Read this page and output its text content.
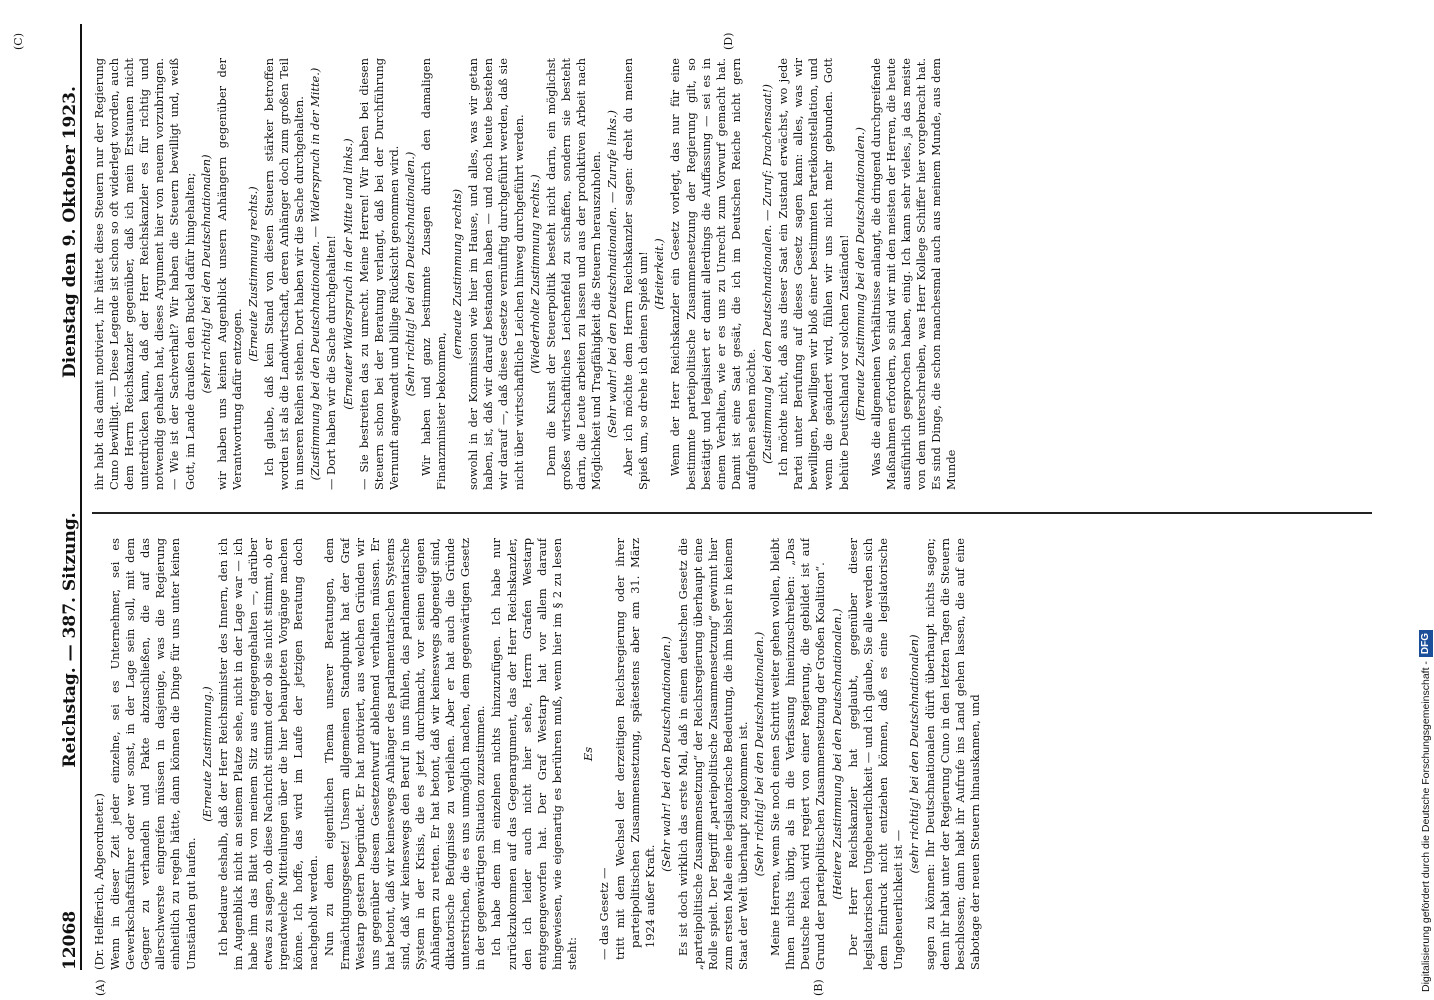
12068
Reichstag. — 387. Sitzung.
Dienstag den 9. Oktober 1923.

(Dr. Helfferich, Abgeordneter.) Wenn in dieser Zeit jeder einzelne, sei es Unternehmer, sei es Gewerkschaftsführer oder wer sonst, in der Lage sein soll, mit dem Gegner zu verhandeln und Pakte abzuschließen, die auf das allerschwerste eingreifen müssen in dasjenige, was die Regierung einheitlich zu regeln hätte, dann können die Dinge für uns unter keinen Umständen gut laufen.

(Erneute Zustimmung.) Ich bedaure deshalb, daß der Herr Reichsminister des Innern, den ich im Augenblick nicht an seinem Platze sehe, nicht in der Lage war — ich habe ihm das Blatt von meinem Sitz aus entgegengehalten —, darüber etwas zu sagen, ob diese Nachricht stimmt oder ob sie nicht stimmt, ob er irgendwelche Mitteilungen über die hier behaupteten Vorgänge machen könne. Ich hoffe, das wird im Laufe der jetzigen Beratung doch nachgeholt werden. Nun zu dem eigentlichen Thema unserer Beratungen, dem Ermächtigungsgesetz! Unsern allgemeinen Standpunkt hat der Graf Westarp gestern begründet. Er hat motiviert, aus welchen Gründen wir uns gegenüber diesem Gesetzentwurf ablehnend verhalten müssen. Er hat betont, daß wir keineswegs Anhänger des parlamentarischen Systems sind, daß wir keineswegs den Beruf in uns fühlen, das parlamentarische System in der Krisis, die es jetzt durchmacht, vor seinen eigenen Anhängern zu retten. Er hat betont, daß wir keineswegs abgeneigt sind, diktatorische Befugnisse zu verleihen. Aber er hat auch die Gründe unterstrichen, die es uns unmöglich machen, dem gegenwärtigen Gesetz in der gegenwärtigen Situation zuzustimmen. Ich habe dem im einzelnen nichts hinzuzufügen. Ich habe nur zurückzukommen auf das Gegenargument, das der Herr Reichskanzler, den ich leider auch nicht hier sehe, Herrn Grafen Westarp entgegengeworfen hat. Der Graf Westarp hat vor allem darauf hingewiesen, wie eigenartig es berühren muß, wenn hier im § 2 zu lesen steht:

Es

— das Gesetz — tritt mit dem Wechsel der derzeitigen Reichsregierung oder ihrer parteipolitischen Zusammensetzung, spätestens aber am 31. März 1924 außer Kraft.

(Sehr wahr! bei den Deutschnationalen.) Es ist doch wirklich das erste Mal, daß in einem deutschen Gesetz die „parteipolitische Zusammensetzung“ der Reichsregierung überhaupt eine Rolle spielt. Der Begriff „parteipolitische Zusammensetzung“ gewinnt hier zum ersten Male eine legislatorische Bedeutung, die ihm bisher in keinem Staat der Welt überhaupt zugekommen ist. (Sehr richtig! bei den Deutschnationalen.) Meine Herren, wenn Sie noch einen Schritt weiter gehen wollen, bleibt Ihnen nichts übrig, als in die Verfassung hineinzuschreiben: „Das Deutsche Reich wird regiert von einer Regierung, die gebildet ist auf Grund der parteipolitischen Zusammensetzung der Großen Koalition“. (Heitere Zustimmung bei den Deutschnationalen.) Der Herr Reichskanzler hat geglaubt, gegenüber dieser legislatorischen Ungeheuerlichkeit — und ich glaube, Sie alle werden sich dem Eindruck nicht entziehen können, daß es eine legislatorische Ungeheuerlichkeit ist —

(sehr richtig! bei den Deutschnationalen) sagen zu können: Ihr Deutschnationalen dürft überhaupt nichts sagen; denn ihr habt unter der Regierung Cuno in den letzten Tagen die Steuern beschlossen; dann habt ihr Aufrufe ins Land gehen lassen, die auf eine Sabotage der neuen Steuern hinauskamen, und

ihr habt das damit motiviert, ihr hättet diese Steuern nur der Regierung Cuno bewilligt. — Diese Legende ist schon so oft widerlegt worden, auch dem Herrn Reichskanzler gegenüber, daß ich mein Erstaunen nicht unterdrücken kann, daß der Herr Reichskanzler es für richtig und notwendig gehalten hat, dieses Argument hier von neuem vorzubringen. — Wie ist der Sachverhalt? Wir haben die Steuern bewilligt und, weiß Gott, im Lande draußen den Buckel dafür hingehalten; (sehr richtig! bei den Deutschnationalen) wir haben uns keinen Augenblick unsern Anhängern gegenüber der Verantwortung dafür entzogen.

(Erneute Zustimmung rechts.) Ich glaube, daß kein Stand von diesen Steuern stärker betroffen worden ist als die Landwirtschaft, deren Anhänger doch zum großen Teil in unseren Reihen stehen. Dort haben wir die Sache durchgehalten. (Zustimmung bei den Deutschnationalen. — Widerspruch in der Mitte.) — Dort haben wir die Sache durchgehalten! (Erneuter Widerspruch in der Mitte und links.) — Sie bestreiten das zu unrecht. Meine Herren! Wir haben bei diesen Steuern schon bei der Beratung verlangt, daß bei der Durchführung Vernunft angewandt und billige Rücksicht genommen wird. (Sehr richtig! bei den Deutschnationalen.) Wir haben und ganz bestimmte Zusagen durch den damaligen Finanzminister bekommen,

(erneute Zustimmung rechts) sowohl in der Kommission wie hier im Hause, und alles, was wir getan haben, ist, daß wir darauf bestanden haben — und noch heute bestehen wir darauf —, daß diese Gesetze vernünftig durchgeführt werden, daß sie nicht über wirtschaftliche Leichen hinweg durchgeführt werden. (Wiederholte Zustimmung rechts.) Denn die Kunst der Steuerpolitik besteht nicht darin, ein möglichst großes wirtschaftliches Leichenfeld zu schaffen, sondern sie besteht darin, die Leute arbeiten zu lassen und aus der produktiven Arbeit nach Möglichkeit und Tragfähigkeit die Steuern herauszuholen. (Sehr wahr! bei den Deutschnationalen. — Zurufe links.) Aber ich möchte dem Herrn Reichskanzler sagen: dreht du meinen Spieß um, so drehe ich deinen Spieß um! (Heiterkeit.) Wenn der Herr Reichskanzler ein Gesetz vorlegt, das nur für eine bestimmte parteipolitische Zusammensetzung der Regierung gilt, so bestätigt und legalisiert er damit allerdings die Auffassung — sei es in einem Verhalten, wie er es uns zu Unrecht zum Vorwurf gemacht hat. Damit ist eine Saat gesät, die ich im Deutschen Reiche nicht gern aufgehen sehen möchte. (Zustimmung bei den Deutschnationalen. — Zuruf: Drachensaat!) Ich möchte nicht, daß aus dieser Saat ein Zustand erwächst, wo jede Partei unter Berufung auf dieses Gesetz sagen kann: alles, was wir bewilligen, bewilligen wir bloß einer bestimmten Parteikonstellation, und wenn die geändert wird, fühlen wir uns nicht mehr gebunden. Gott behüte Deutschland vor solchen Zuständen! (Erneute Zustimmung bei den Deutschnationalen.) Was die allgemeinen Verhältnisse anlangt, die dringend durchgreifende Maßnahmen erfordern, so sind wir mit den meisten der Herren, die heute ausführlich gesprochen haben, einig. Ich kann sehr vieles, ja das meiste von dem unterschreiben, was Herr Kollege Schiffer hier vorgebracht hat. Es sind Dinge, die schon manchesmal auch aus meinem Munde, aus dem Munde

(A)	(B)
(C)	(D)
Digitalisierung gefördert durch die Deutsche Forschungsgemeinschaft -
DFG
